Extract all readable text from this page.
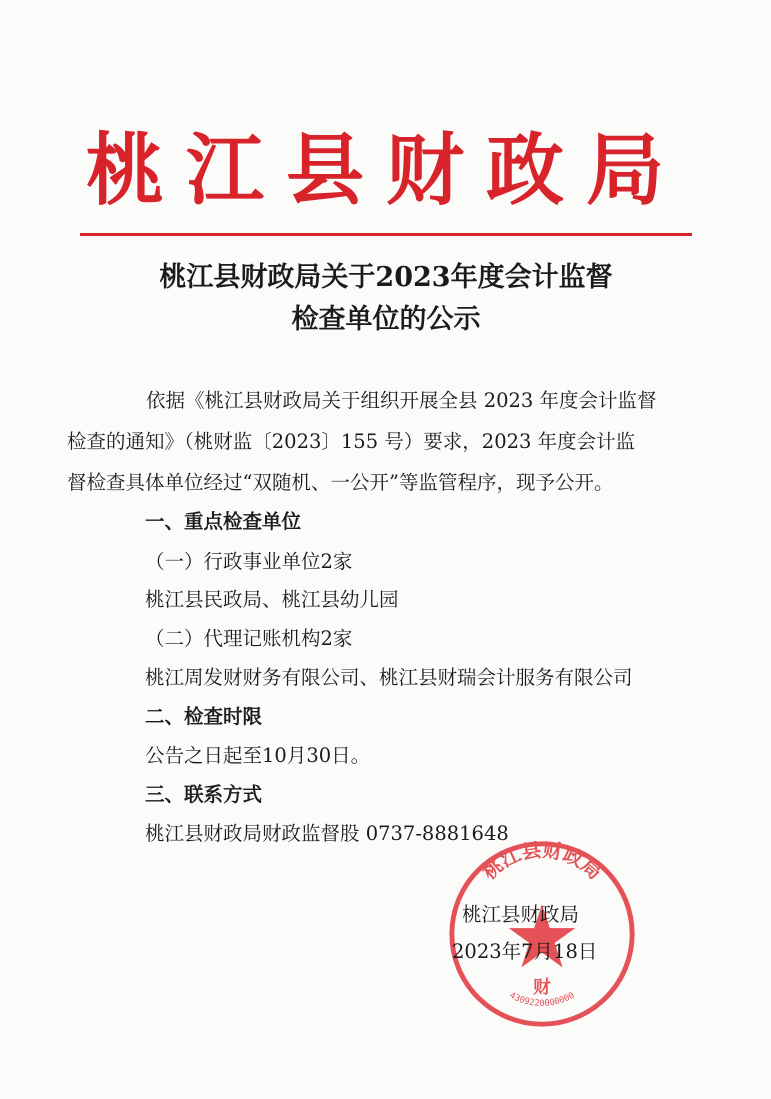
桃江县财政局
桃江县财政局关于2023年度会计监督
检查单位的公示
依据《桃江县财政局关于组织开展全县 2023 年度会计监督
检查的通知》（桃财监〔2023〕155 号）要求，2023 年度会计监
督检查具体单位经过“双随机、一公开”等监管程序，现予公开。
一、重点检查单位
（一）行政事业单位2家
桃江县民政局、桃江县幼儿园
（二）代理记账机构2家
桃江周发财财务有限公司、桃江县财瑞会计服务有限公司
二、检查时限
公告之日起至10月30日。
三、联系方式
桃江县财政局财政监督股 0737-8881648
桃江县财政局
财
4309220000000
桃江县财政局
2023年7月18日
